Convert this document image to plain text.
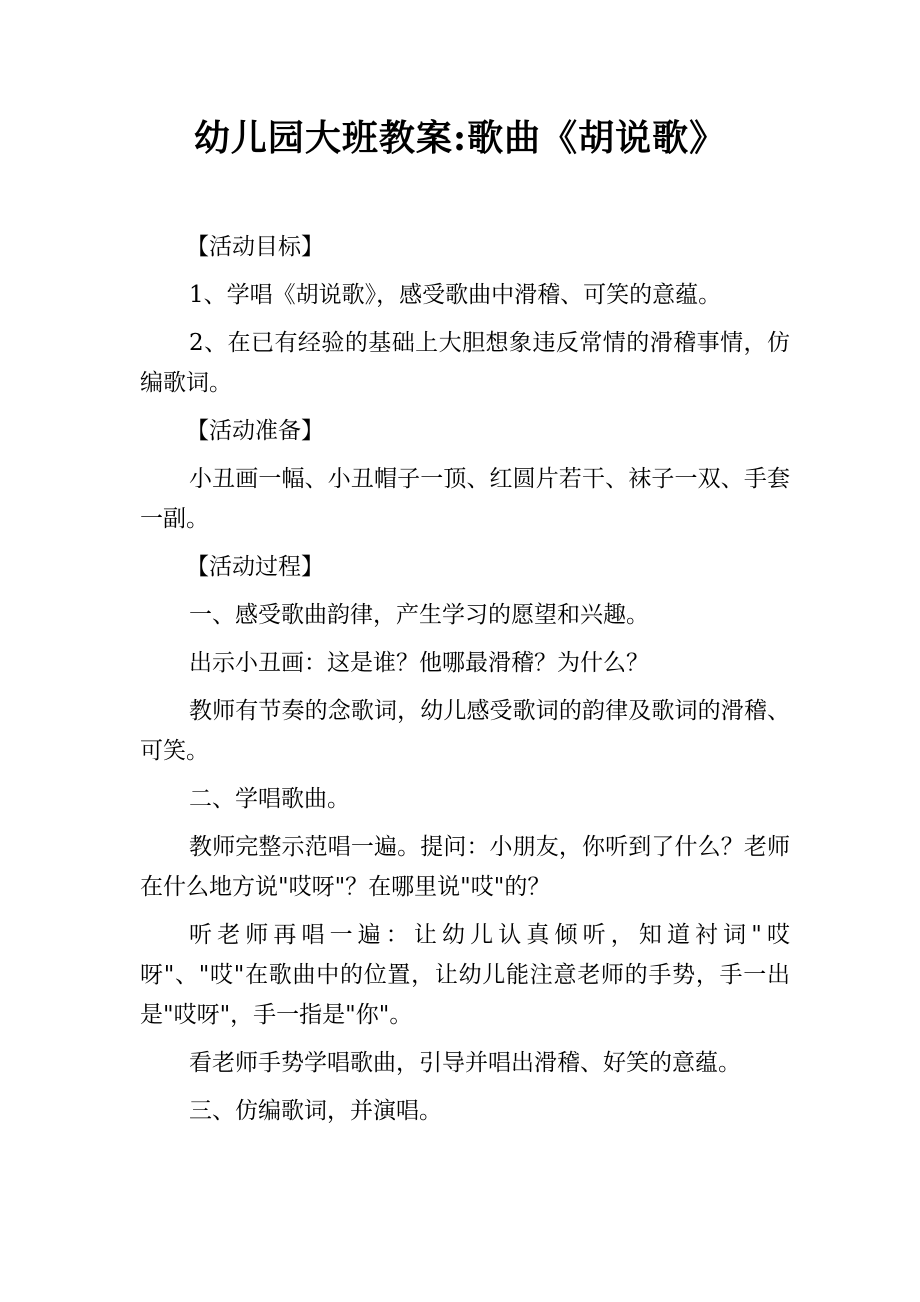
幼儿园大班教案:歌曲《胡说歌》

【活动目标】

1、学唱《胡说歌》，感受歌曲中滑稽、可笑的意蕴。

2、在已有经验的基础上大胆想象违反常情的滑稽事情，仿编歌词。

【活动准备】

小丑画一幅、小丑帽子一顶、红圆片若干、袜子一双、手套一副。

【活动过程】

一、感受歌曲韵律，产生学习的愿望和兴趣。

出示小丑画：这是谁？他哪最滑稽？为什么？

教师有节奏的念歌词，幼儿感受歌词的韵律及歌词的滑稽、可笑。

二、学唱歌曲。

教师完整示范唱一遍。提问：小朋友，你听到了什么？老师在什么地方说"哎呀"？在哪里说"哎"的？

听老师再唱一遍：让幼儿认真倾听，知道衬词"哎呀"、"哎"在歌曲中的位置，让幼儿能注意老师的手势，手一出是"哎呀"，手一指是"你"。

看老师手势学唱歌曲，引导并唱出滑稽、好笑的意蕴。

三、仿编歌词，并演唱。
